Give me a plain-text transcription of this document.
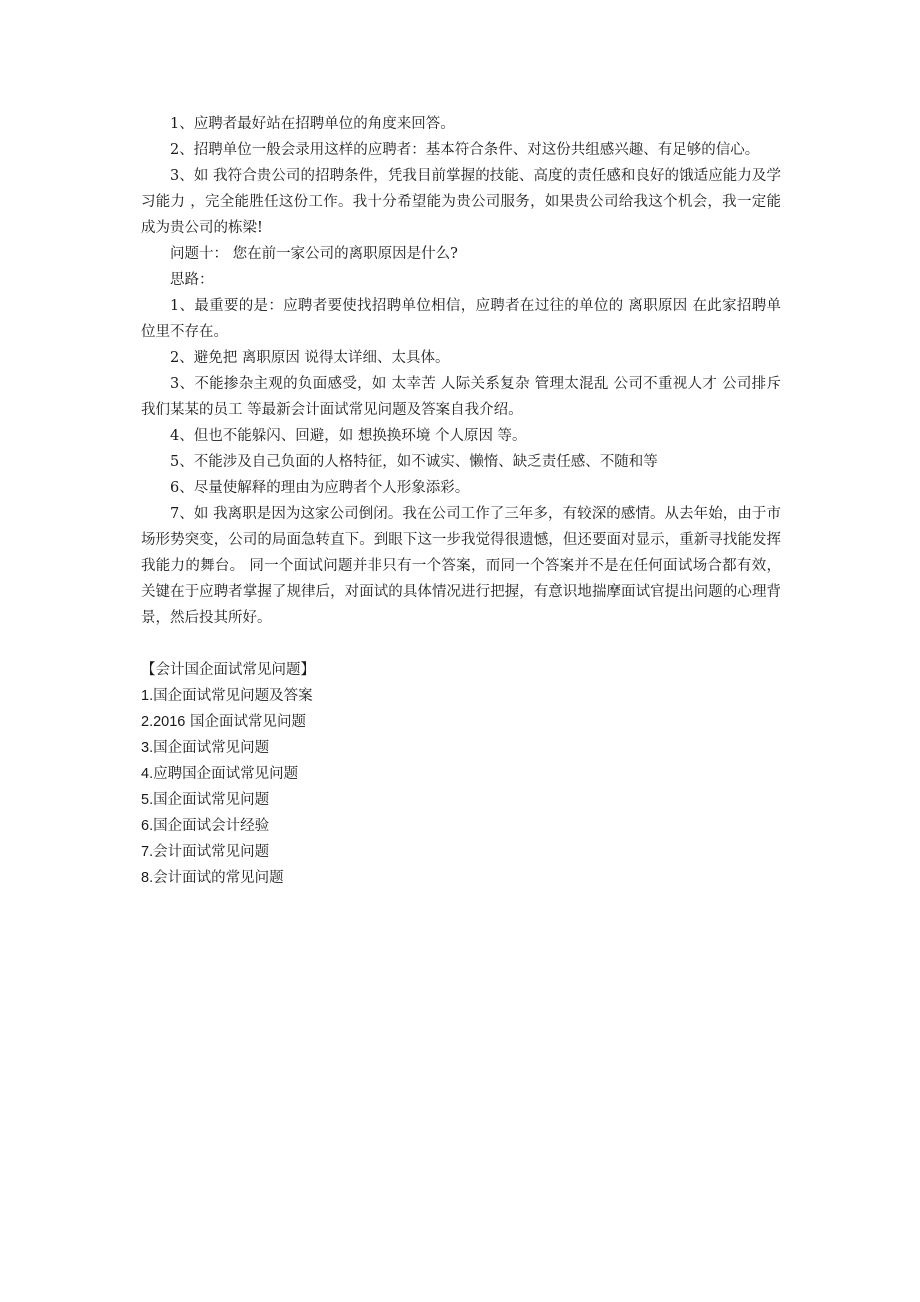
1、应聘者最好站在招聘单位的角度来回答。

2、招聘单位一般会录用这样的应聘者：基本符合条件、对这份共组感兴趣、有足够的信心。

3、如 我符合贵公司的招聘条件，凭我目前掌握的技能、高度的责任感和良好的饿适应能力及学习能力 ，完全能胜任这份工作。我十分希望能为贵公司服务，如果贵公司给我这个机会，我一定能成为贵公司的栋梁!

问题十： 您在前一家公司的离职原因是什么?

思路：

1、最重要的是：应聘者要使找招聘单位相信，应聘者在过往的单位的 离职原因 在此家招聘单位里不存在。

2、避免把 离职原因 说得太详细、太具体。

3、不能掺杂主观的负面感受，如 太幸苦 人际关系复杂 管理太混乱 公司不重视人才 公司排斥我们某某的员工 等最新会计面试常见问题及答案自我介绍。

4、但也不能躲闪、回避，如 想换换环境 个人原因 等。

5、不能涉及自己负面的人格特征，如不诚实、懒惰、缺乏责任感、不随和等

6、尽量使解释的理由为应聘者个人形象添彩。

7、如 我离职是因为这家公司倒闭。我在公司工作了三年多，有较深的感情。从去年始，由于市场形势突变，公司的局面急转直下。到眼下这一步我觉得很遗憾，但还要面对显示，重新寻找能发挥我能力的舞台。 同一个面试问题并非只有一个答案，而同一个答案并不是在任何面试场合都有效，关键在于应聘者掌握了规律后，对面试的具体情况进行把握，有意识地揣摩面试官提出问题的心理背景，然后投其所好。

【会计国企面试常见问题】

1.国企面试常见问题及答案
2.2016 国企面试常见问题
3.国企面试常见问题
4.应聘国企面试常见问题
5.国企面试常见问题
6.国企面试会计经验
7.会计面试常见问题
8.会计面试的常见问题
